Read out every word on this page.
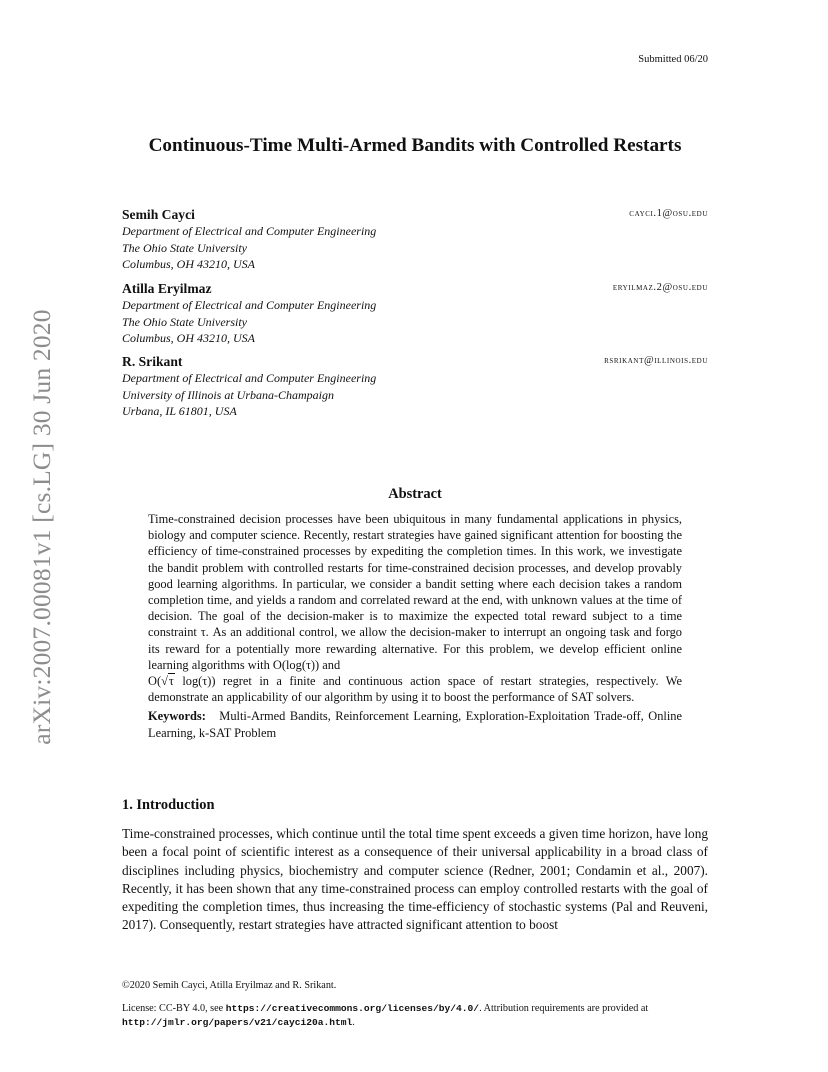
arXiv:2007.00081v1 [cs.LG] 30 Jun 2020
Submitted 06/20
Continuous-Time Multi-Armed Bandits with Controlled Restarts
Semih Cayci	cayci.1@osu.edu
Department of Electrical and Computer Engineering
The Ohio State University
Columbus, OH 43210, USA
Atilla Eryilmaz	eryilmaz.2@osu.edu
Department of Electrical and Computer Engineering
The Ohio State University
Columbus, OH 43210, USA
R. Srikant	rsrikant@illinois.edu
Department of Electrical and Computer Engineering
University of Illinois at Urbana-Champaign
Urbana, IL 61801, USA
Abstract

Time-constrained decision processes have been ubiquitous in many fundamental applications in physics, biology and computer science. Recently, restart strategies have gained significant attention for boosting the efficiency of time-constrained processes by expediting the completion times. In this work, we investigate the bandit problem with controlled restarts for time-constrained decision processes, and develop provably good learning algorithms. In particular, we consider a bandit setting where each decision takes a random completion time, and yields a random and correlated reward at the end, with unknown values at the time of decision. The goal of the decision-maker is to maximize the expected total reward subject to a time constraint τ. As an additional control, we allow the decision-maker to interrupt an ongoing task and forgo its reward for a potentially more rewarding alternative. For this problem, we develop efficient online learning algorithms with O(log(τ)) and

O(√τ log(τ)) regret in a finite and continuous action space of restart strategies, respectively. We demonstrate an applicability of our algorithm by using it to boost the performance of SAT solvers.

Keywords: Multi-Armed Bandits, Reinforcement Learning, Exploration-Exploitation Trade-off, Online Learning, k-SAT Problem

1. Introduction

Time-constrained processes, which continue until the total time spent exceeds a given time horizon, have long been a focal point of scientific interest as a consequence of their universal applicability in a broad class of disciplines including physics, biochemistry and computer science (Redner, 2001; Condamin et al., 2007). Recently, it has been shown that any time-constrained process can employ controlled restarts with the goal of expediting the completion times, thus increasing the time-efficiency of stochastic systems (Pal and Reuveni, 2017). Consequently, restart strategies have attracted significant attention to boost

©2020 Semih Cayci, Atilla Eryilmaz and R. Srikant.

License: CC-BY 4.0, see https://creativecommons.org/licenses/by/4.0/. Attribution requirements are provided at http://jmlr.org/papers/v21/cayci20a.html.
